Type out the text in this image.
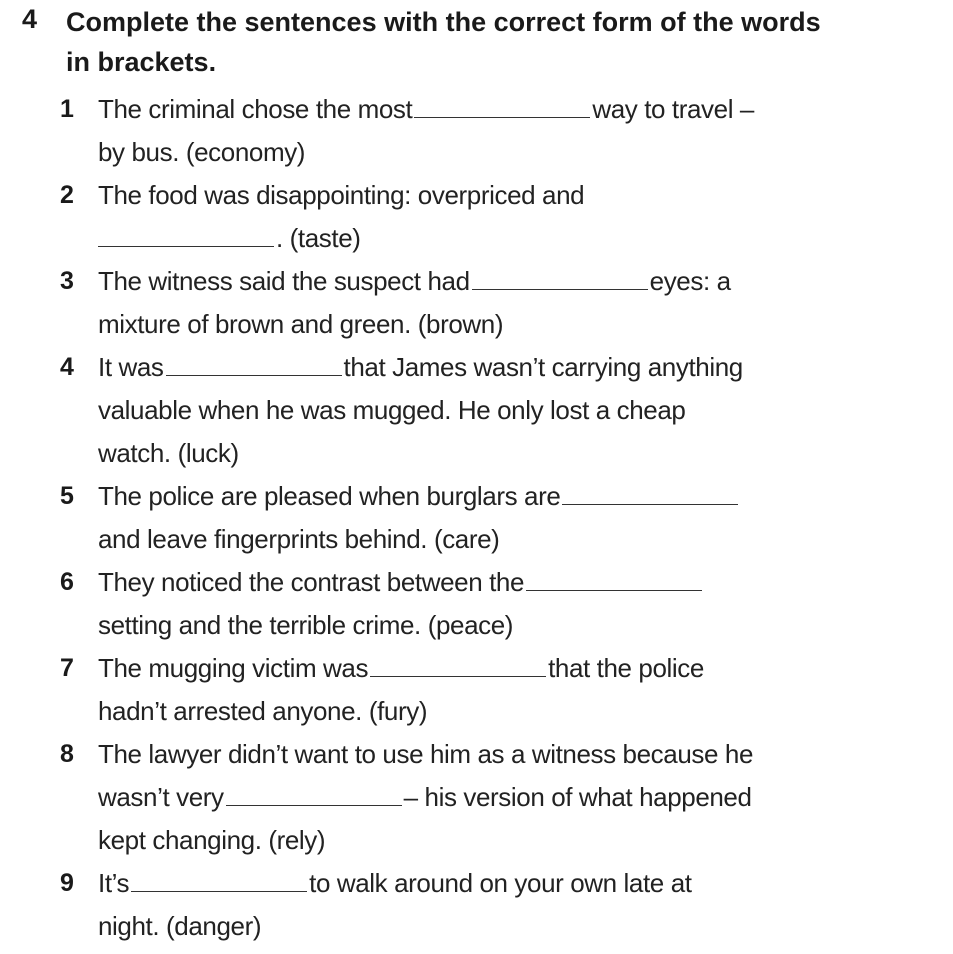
4 Complete the sentences with the correct form of the words
in brackets.
1 The criminal chose the most	way to travel –
by bus. (economy)
2 The food was disappointing: overpriced and
. (taste)
3 The witness said the suspect had	eyes: a
mixture of brown and green. (brown)
4 It was	that James wasn’t carrying anything
valuable when he was mugged. He only lost a cheap
watch. (luck)
5 The police are pleased when burglars are
and leave fingerprints behind. (care)
6 They noticed the contrast between the
setting and the terrible crime. (peace)
7 The mugging victim was	that the police
hadn’t arrested anyone. (fury)
8 The lawyer didn’t want to use him as a witness because he
wasn’t very	– his version of what happened
kept changing. (rely)
9 It’s	to walk around on your own late at
night. (danger)
